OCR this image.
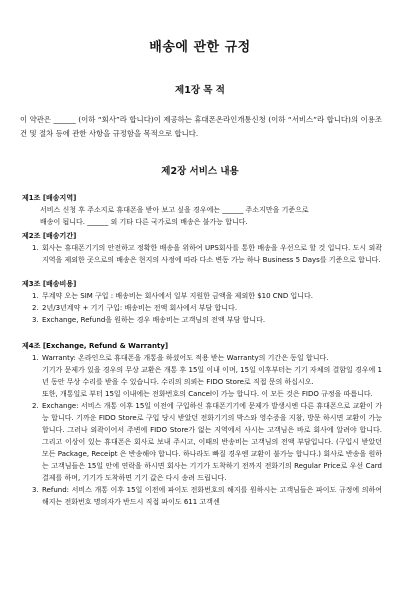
배송에 관한 규정
제1장 목 적
이 약관은 ______ (이하 “회사”라 합니다)이 제공하는 휴대폰온라인개통신청 (이하 “서비스”라 합니다)의 이용조건 및 절차 등에 관한 사항을 규정함을 목적으로 합니다.
제2장 서비스 내용
제1조 [배송지역]
서비스 신청 후 주소지로 휴대폰을 받아 보고 싶을 경우에는 ______ 주소지만을 기준으로
배송이 됩니다. ______ 외 기타 다른 국가로의 배송은 불가능 합니다.
제2조 [배송기간]
1. 회사는 휴대폰기기의 안전하고 정확한 배송을 위하여 UPS회사를 통한 배송을 우선으로 할 것 입니다. 도시 외곽 지역을 제외한 곳으로의 배송은 현지의 사정에 따라 다소 변동 가능 하나 Business 5 Days를 기준으로 합니다.
제3조 [배송비용]
1. 무계약 오는 SIM 구입 : 배송비는 회사에서 일부 지원한 금액을 제외한 $10 CND 입니다.
2. 2년/3년계약 + 기기 구입: 배송비는 전액 회사에서 부담 합니다.
3. Exchange, Refund을 원하는 경우 배송비는 고객님의 전액 부담 합니다.
제4조 [Exchange, Refund & Warranty]
1. Warranty: 온라인으로 휴대폰을 개통을 하셨어도 적용 받는 Warranty의 기간은 동일 합니다.

기기가 문제가 있을 경우의 무상 교환은 개통 후 15일 이내 이며, 15일 이후부터는 기기 자체의 결함일 경우에 1년 동안 무상 수리를 받을 수 있습니다. 수리의 의뢰는 FIDO Store로 직접 문의 하십시오.

또한, 개통일로 부터 15일 이내에는 전화번호의 Cancel이 가능 합니다. 이 모든 것은 FIDO 규정을 따릅니다.

2. Exchange: 서비스 개통 이후 15일 이전에 구입하신 휴대폰기기에 문제가 발생시엔 다른 휴대폰으로 교환이 가능 합니다. 기까운 FIDO Store로 구입 당시 받았던 전화기기의 박스와 영수증을 지참, 방문 하시면 교환이 가능 합니다. 그러나 외곽이어서 주변에 FIDO Store가 없는 지역에서 사시는 고객님은 바로 회사에 알려야 합니다. 그리고 이상이 있는 휴대폰은 회사로 보내 주시고, 이때의 반송비는 고객님의 전액 부담입니다. (구입시 받았던 모든 Package, Receipt 은 반송해야 합니다. 하나라도 빠질 경우엔 교환이 불가능 합니다.) 회사로 반송을 원하는 고객님들은 15일 안에 연락을 하시면 회사는 기기가 도착하기 전까지 전화기의 Regular Price로 우선 Card 결제를 하며, 기기가 도착하면 기기 값은 다시 송려 드립니다.
3. Refund: 서비스 개통 이후 15일 이전에 파이도 전화번호의 해지를 원하시는 고객님들은 파이도 규정에 의하여 해지는 전화번호 명의자가 반드시 직접 파이도 611 고객센
